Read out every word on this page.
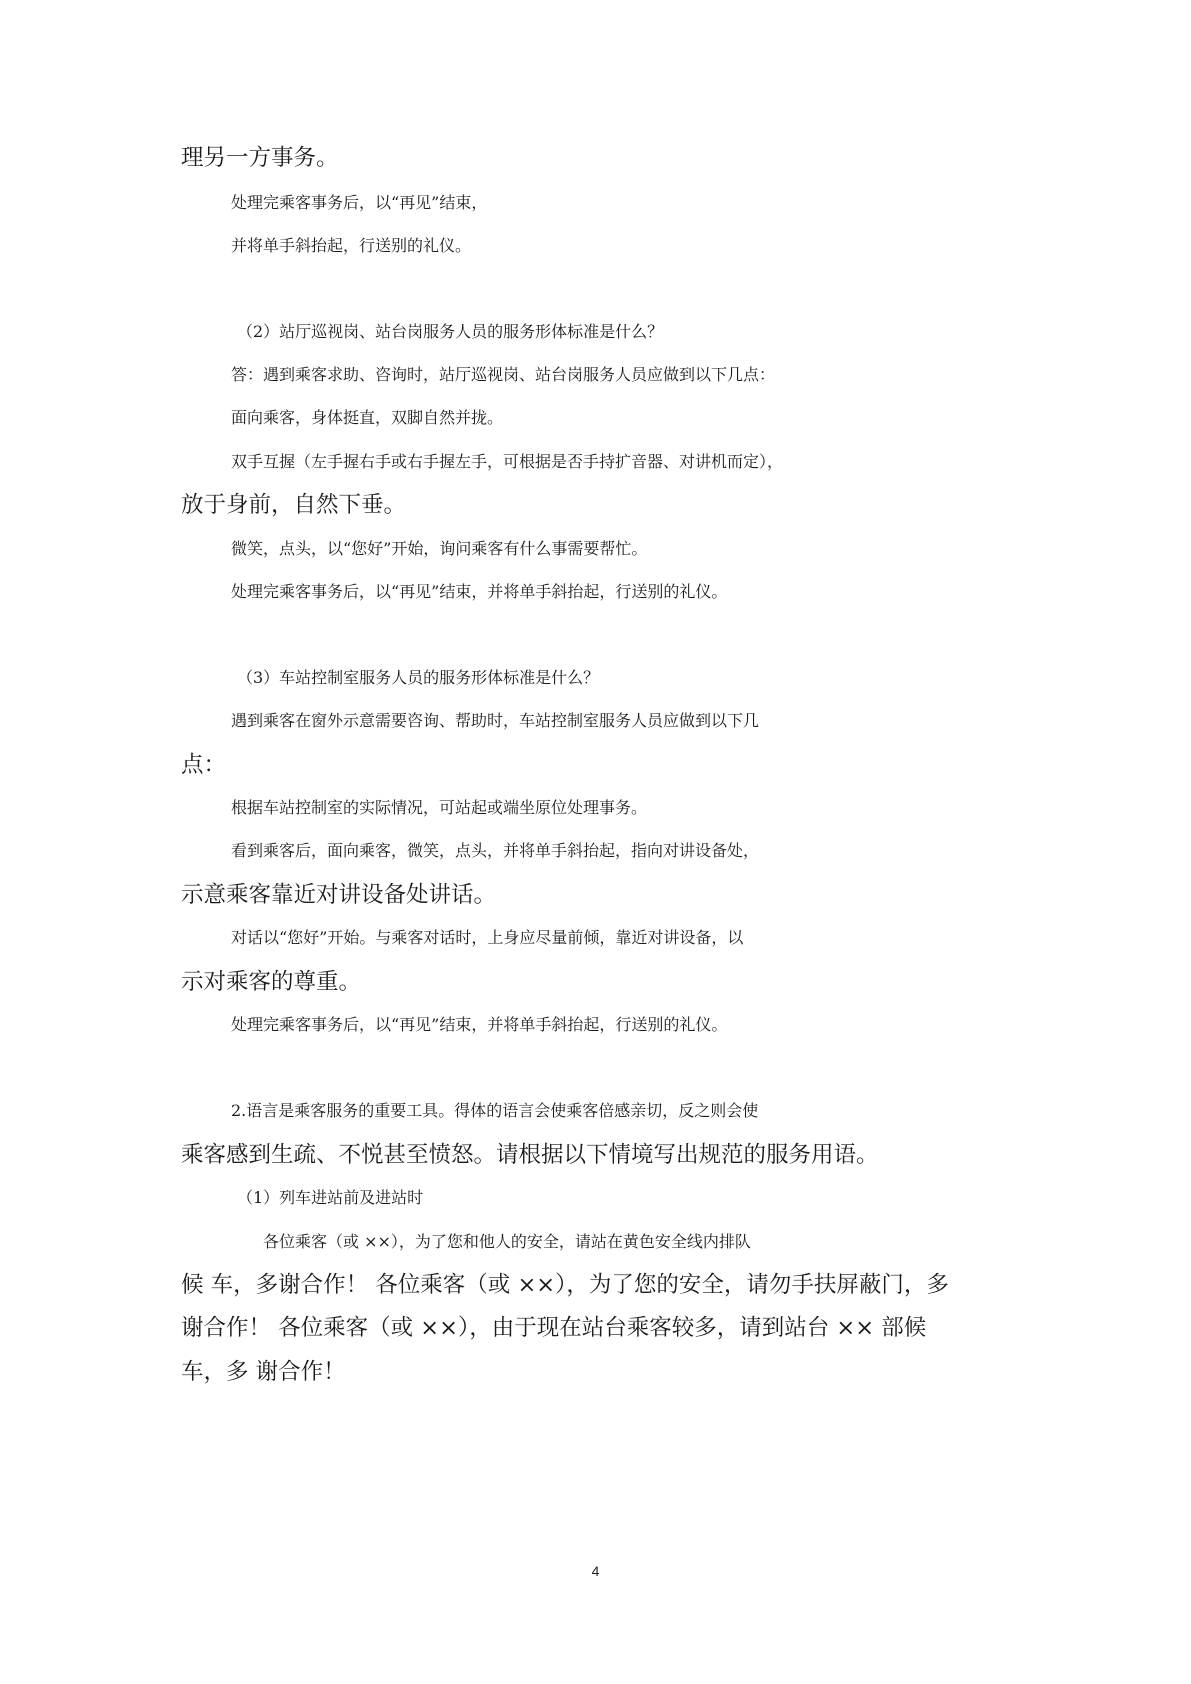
理另一方事务。
处理完乘客事务后，以“再见”结束，
并将单手斜抬起，行送别的礼仪。
（2）站厅巡视岗、站台岗服务人员的服务形体标准是什么？
答：遇到乘客求助、咨询时，站厅巡视岗、站台岗服务人员应做到以下几点：
面向乘客，身体挺直，双脚自然并拢。
双手互握（左手握右手或右手握左手，可根据是否手持扩音器、对讲机而定），
放于身前，自然下垂。
微笑，点头，以“您好”开始，询问乘客有什么事需要帮忙。
处理完乘客事务后，以“再见”结束，并将单手斜抬起，行送别的礼仪。
（3）车站控制室服务人员的服务形体标准是什么？
遇到乘客在窗外示意需要咨询、帮助时，车站控制室服务人员应做到以下几
点：
根据车站控制室的实际情况，可站起或端坐原位处理事务。
看到乘客后，面向乘客，微笑，点头，并将单手斜抬起，指向对讲设备处，
示意乘客靠近对讲设备处讲话。
对话以“您好”开始。与乘客对话时，上身应尽量前倾，靠近对讲设备，以
示对乘客的尊重。
处理完乘客事务后，以“再见”结束，并将单手斜抬起，行送别的礼仪。
2.语言是乘客服务的重要工具。得体的语言会使乘客倍感亲切，反之则会使
乘客感到生疏、不悦甚至愤怒。请根据以下情境写出规范的服务用语。
（1）列车进站前及进站时
各位乘客（或 ××），为了您和他人的安全，请站在黄色安全线内排队
候 车，多谢合作！ 各位乘客（或 ××），为了您的安全，请勿手扶屏蔽门，多
谢合作！ 各位乘客（或 ××），由于现在站台乘客较多，请到站台 ×× 部候
车，多 谢合作！
4
